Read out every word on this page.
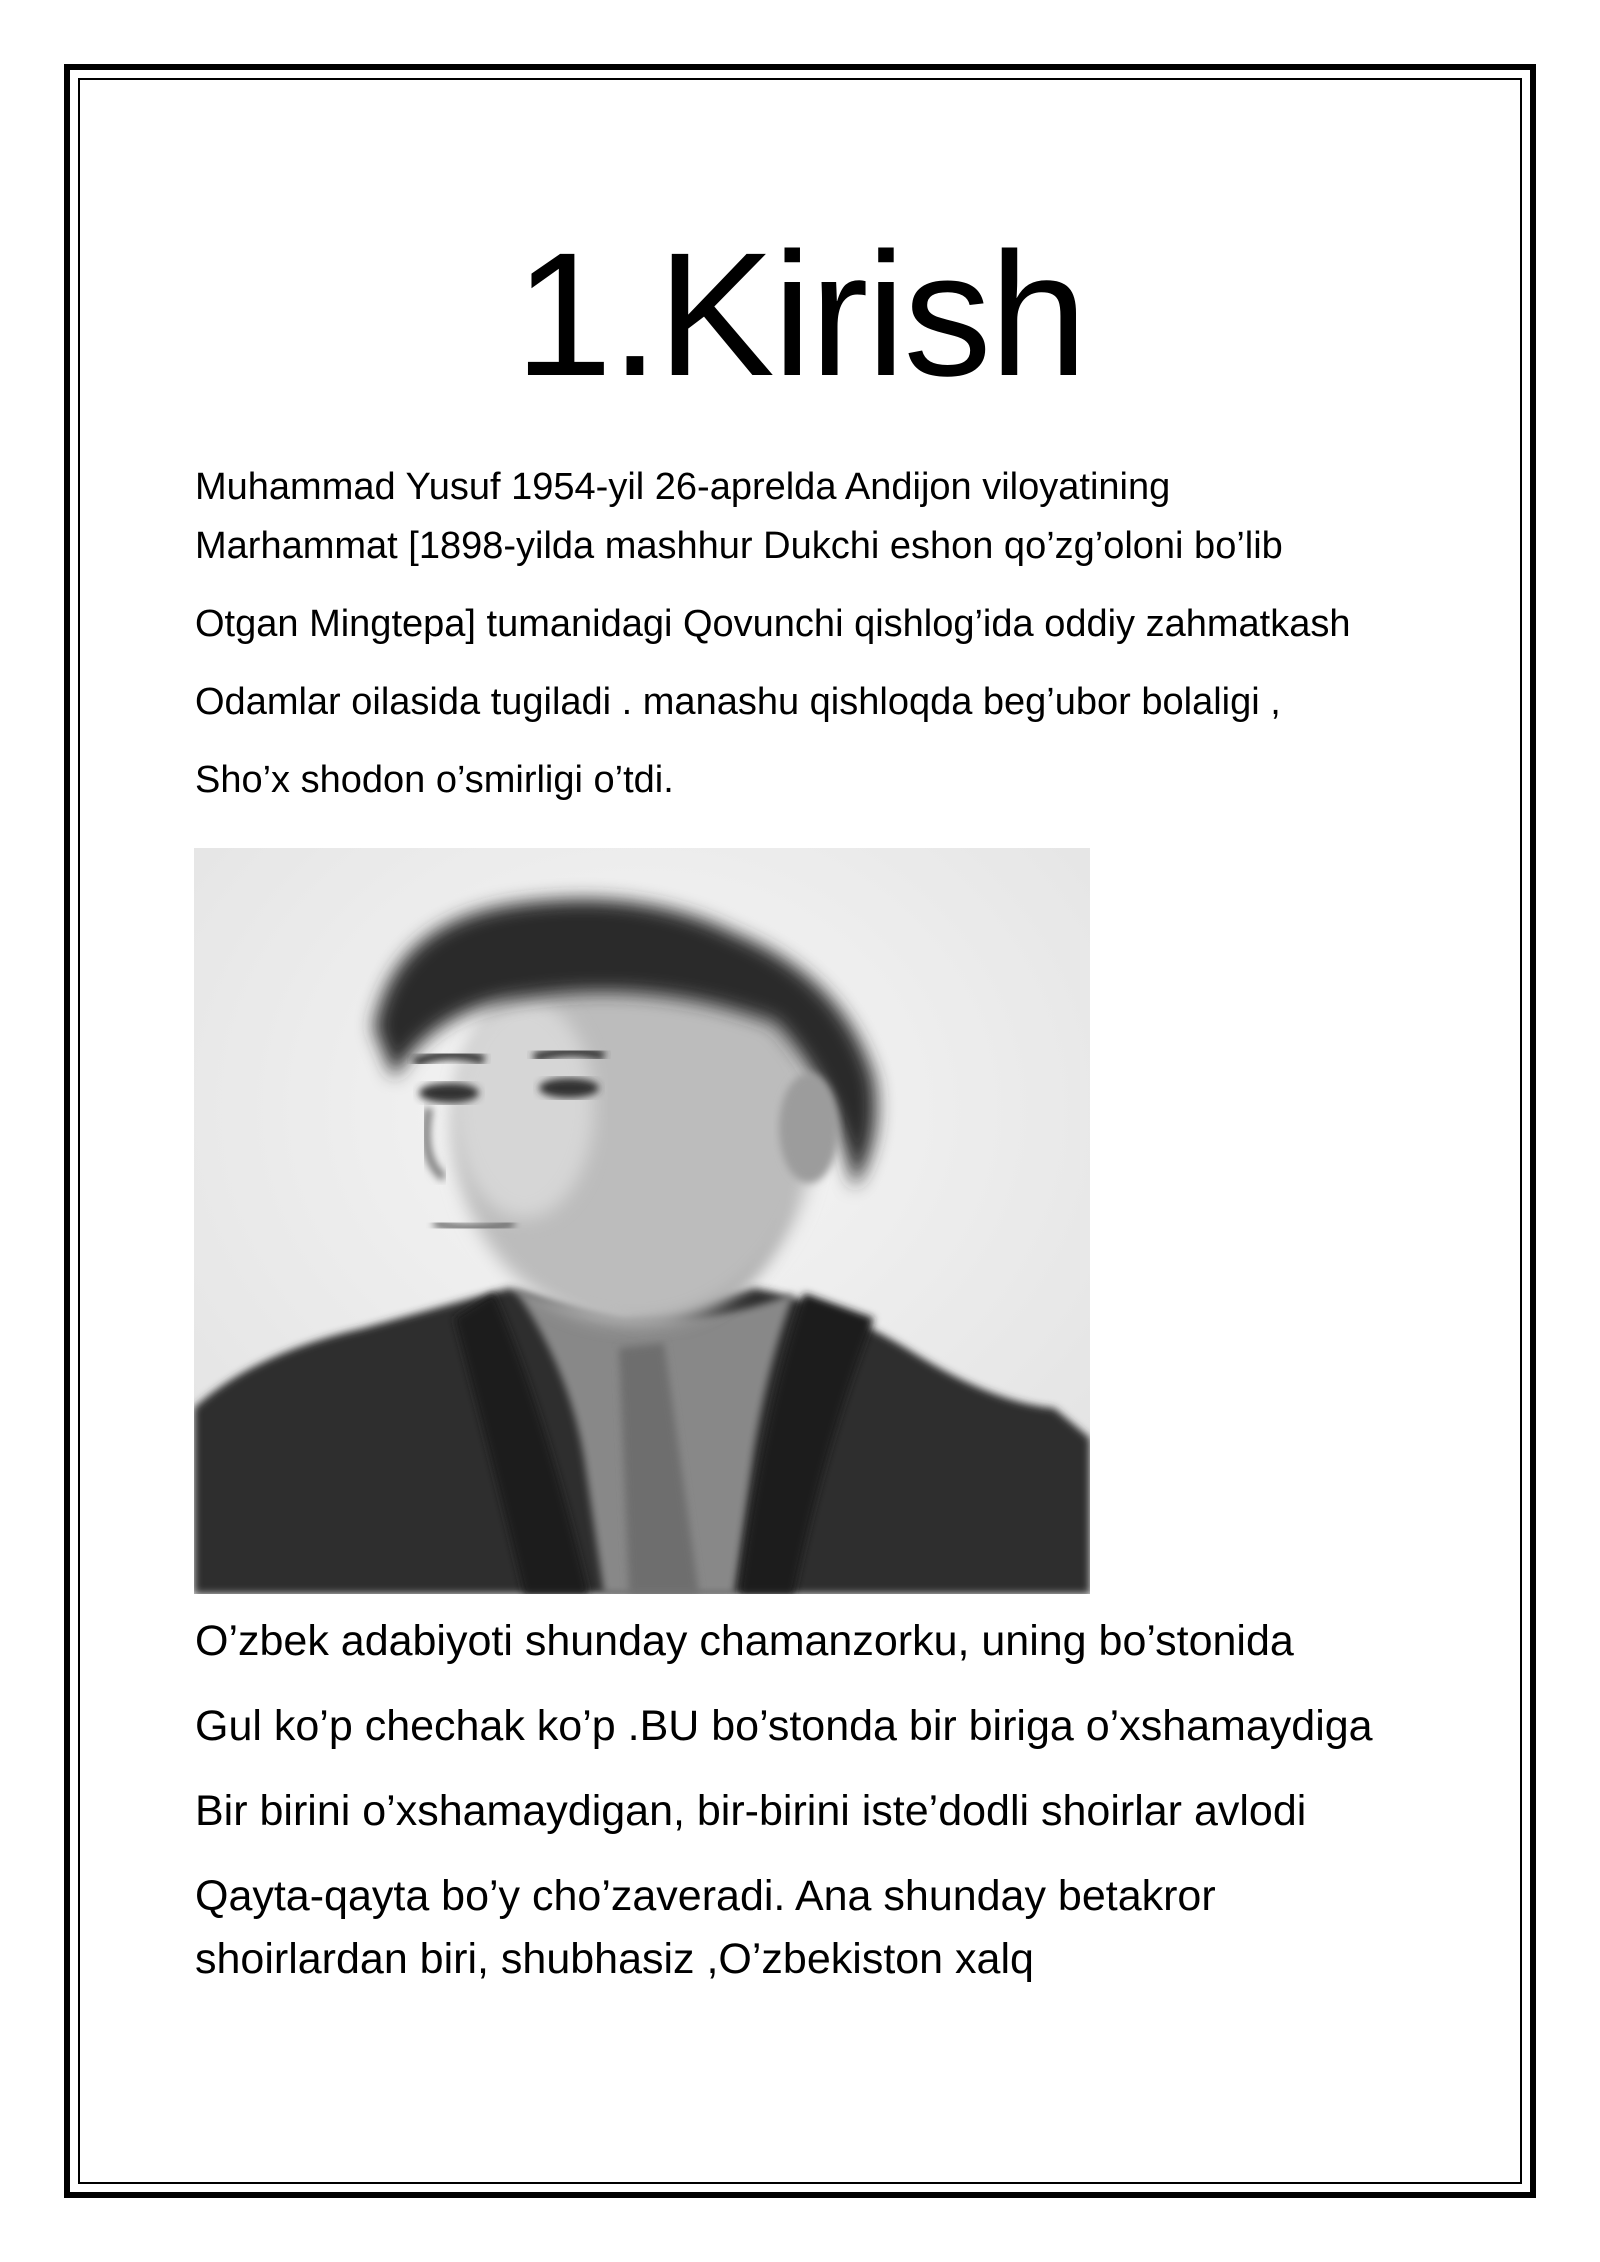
1.Kirish

Muhammad Yusuf 1954-yil 26-aprelda Andijon viloyatining
Marhammat [1898-yilda mashhur Dukchi eshon qo’zg’oloni bo’lib
Otgan Mingtepa] tumanidagi Qovunchi qishlog’ida oddiy zahmatkash
Odamlar oilasida tugiladi . manashu qishloqda beg’ubor bolaligi ,
Sho’x shodon o’smirligi o’tdi.

O’zbek adabiyoti shunday chamanzorku, uning bo’stonida
Gul ko’p chechak ko’p .BU bo’stonda bir biriga o’xshamaydiga
Bir birini o’xshamaydigan, bir-birini iste’dodli shoirlar avlodi
Qayta-qayta bo’y cho’zaveradi. Ana shunday betakror
shoirlardan biri, shubhasiz ,O’zbekiston xalq
